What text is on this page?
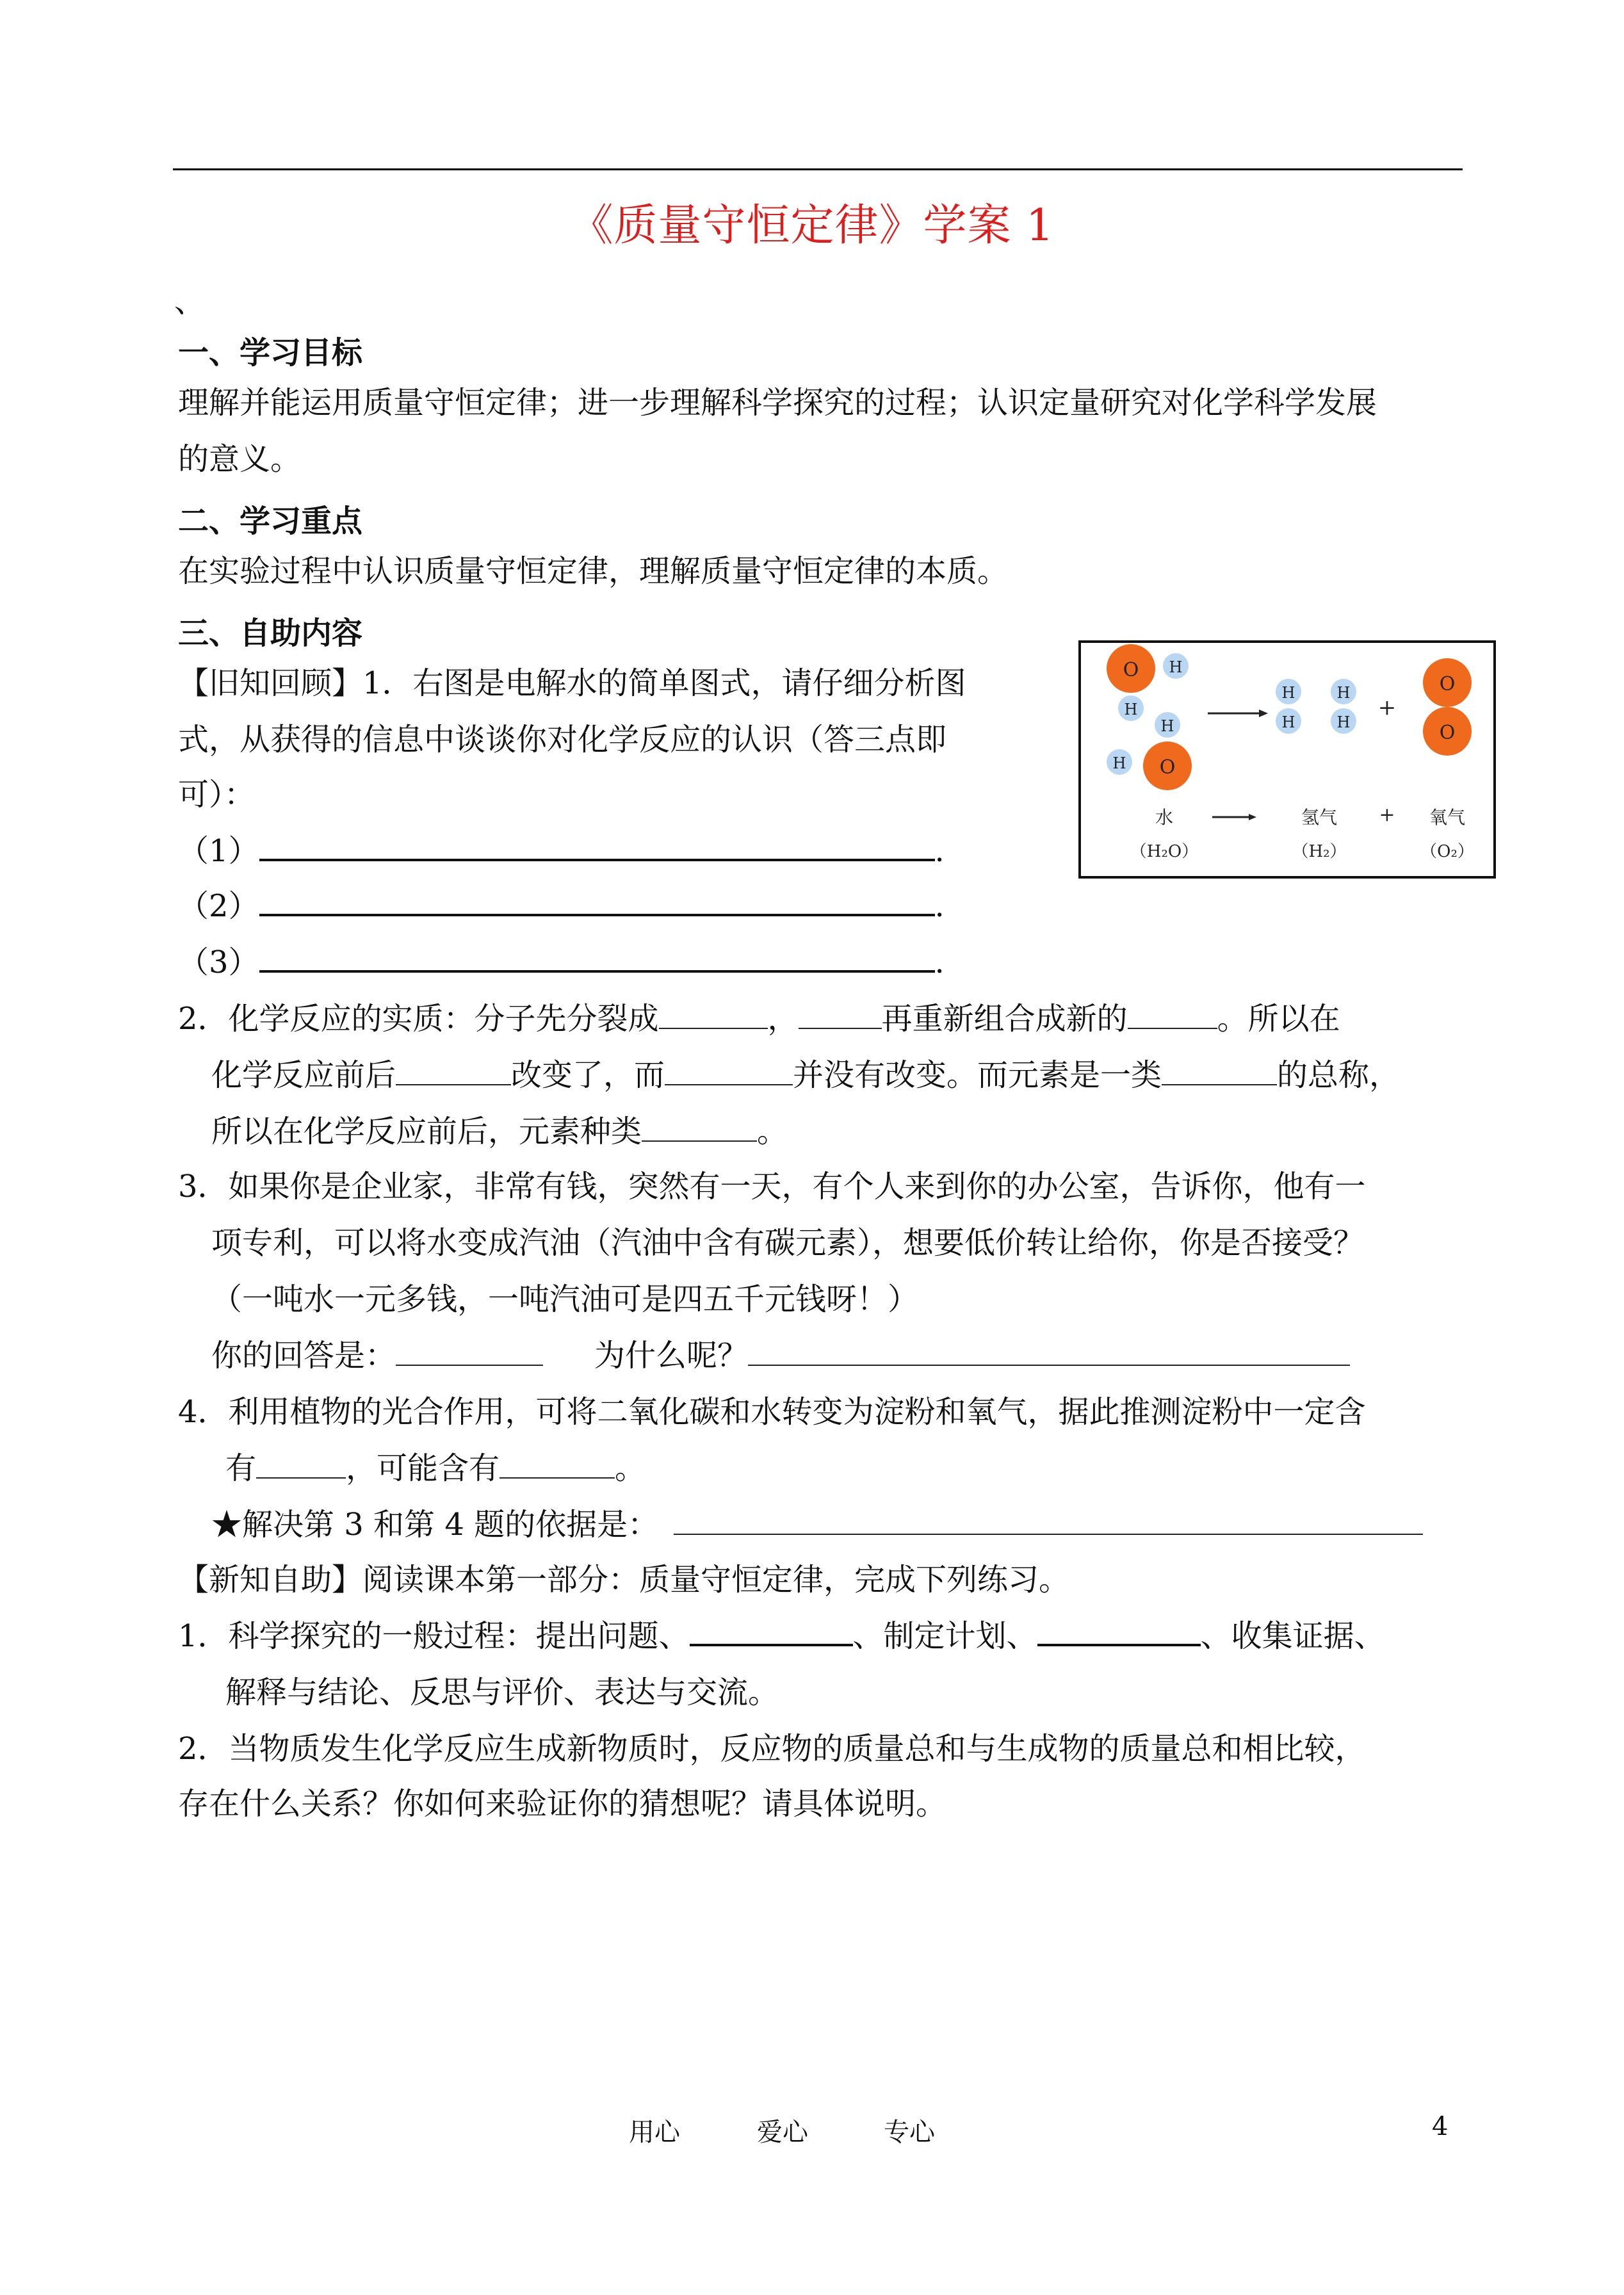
《质量守恒定律》学案 1
、
一、学习目标
理解并能运用质量守恒定律；进一步理解科学探究的过程；认识定量研究对化学科学发展
的意义。
二、学习重点
在实验过程中认识质量守恒定律，理解质量守恒定律的本质。
三、自助内容
【旧知回顾】1．右图是电解水的简单图式，请仔细分析图
式，从获得的信息中谈谈你对化学反应的认识（答三点即
可）：
（1）	.
（2）	.
（3）	.
O H
H
H
H O
H
H
H
H
+
O
O
水	氢气 + 氧气
（H₂O）	（H₂）	（O₂）
2．化学反应的实质：分子先分裂成	，	再重新组合成新的	。所以在
化学反应前后	改变了，而	并没有改变。而元素是一类	的总称，
所以在化学反应前后，元素种类	。
3．如果你是企业家，非常有钱，突然有一天，有个人来到你的办公室，告诉你，他有一
项专利，可以将水变成汽油（汽油中含有碳元素），想要低价转让给你，你是否接受？
（一吨水一元多钱，一吨汽油可是四五千元钱呀！）
你的回答是：	为什么呢？
4．利用植物的光合作用，可将二氧化碳和水转变为淀粉和氧气，据此推测淀粉中一定含
有	，可能含有	。
★解决第 3 和第 4 题的依据是：
【新知自助】阅读课本第一部分：质量守恒定律，完成下列练习。
1．科学探究的一般过程：提出问题、	、制定计划、	、收集证据、
解释与结论、反思与评价、表达与交流。
2．当物质发生化学反应生成新物质时，反应物的质量总和与生成物的质量总和相比较，
存在什么关系？你如何来验证你的猜想呢？请具体说明。
用心	爱心	专心	4
